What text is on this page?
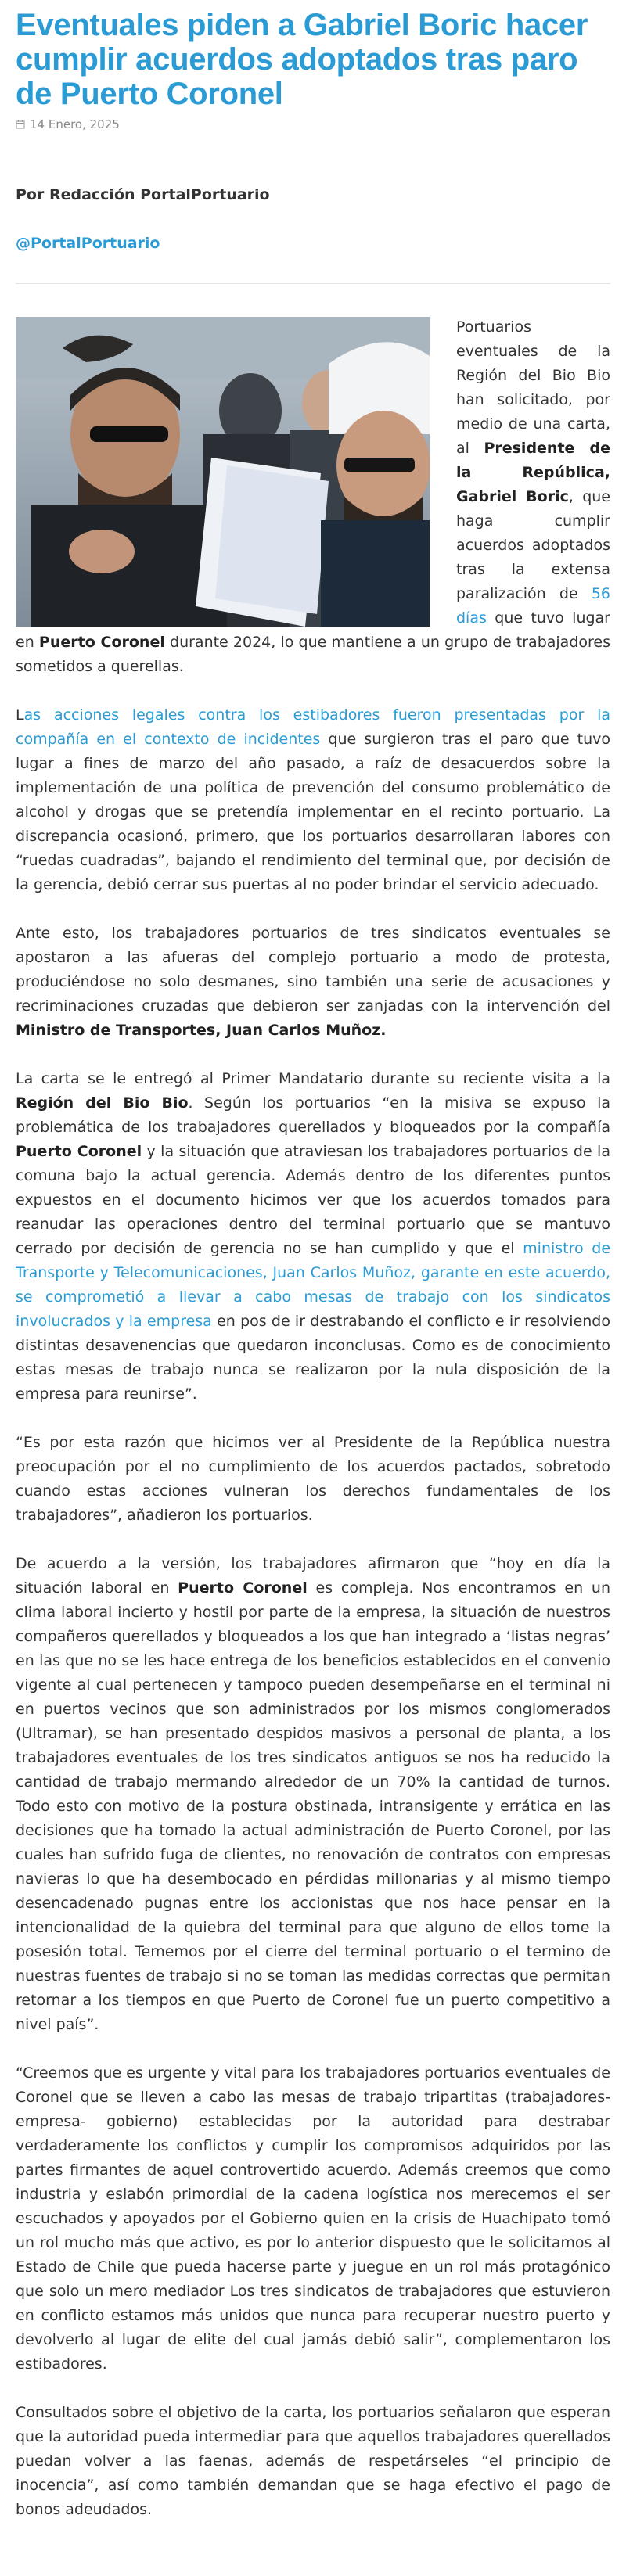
Eventuales piden a Gabriel Boric hacer cumplir acuerdos adoptados tras paro de Puerto Coronel
14 Enero, 2025
Por Redacción PortalPortuario
@PortalPortuario

Portuarios eventuales de la Región del Bio Bio han solicitado, por medio de una carta, al Presidente de la República, Gabriel Boric, que haga cumplir acuerdos adoptados tras la extensa paralización de 56 días que tuvo lugar en Puerto Coronel durante 2024, lo que mantiene a un grupo de trabajadores sometidos a querellas.

Las acciones legales contra los estibadores fueron presentadas por la compañía en el contexto de incidentes que surgieron tras el paro que tuvo lugar a fines de marzo del año pasado, a raíz de desacuerdos sobre la implementación de una política de prevención del consumo problemático de alcohol y drogas que se pretendía implementar en el recinto portuario. La discrepancia ocasionó, primero, que los portuarios desarrollaran labores con “ruedas cuadradas”, bajando el rendimiento del terminal que, por decisión de la gerencia, debió cerrar sus puertas al no poder brindar el servicio adecuado.

Ante esto, los trabajadores portuarios de tres sindicatos eventuales se apostaron a las afueras del complejo portuario a modo de protesta, produciéndose no solo desmanes, sino también una serie de acusaciones y recriminaciones cruzadas que debieron ser zanjadas con la intervención del Ministro de Transportes, Juan Carlos Muñoz.

La carta se le entregó al Primer Mandatario durante su reciente visita a la Región del Bio Bio. Según los portuarios “en la misiva se expuso la problemática de los trabajadores querellados y bloqueados por la compañía Puerto Coronel y la situación que atraviesan los trabajadores portuarios de la comuna bajo la actual gerencia. Además dentro de los diferentes puntos expuestos en el documento hicimos ver que los acuerdos tomados para reanudar las operaciones dentro del terminal portuario que se mantuvo cerrado por decisión de gerencia no se han cumplido y que el ministro de Transporte y Telecomunicaciones, Juan Carlos Muñoz, garante en este acuerdo, se comprometió a llevar a cabo mesas de trabajo con los sindicatos involucrados y la empresa en pos de ir destrabando el conflicto e ir resolviendo distintas desavenencias que quedaron inconclusas. Como es de conocimiento estas mesas de trabajo nunca se realizaron por la nula disposición de la empresa para reunirse”.

“Es por esta razón que hicimos ver al Presidente de la República nuestra preocupación por el no cumplimiento de los acuerdos pactados, sobretodo cuando estas acciones vulneran los derechos fundamentales de los trabajadores”, añadieron los portuarios.

De acuerdo a la versión, los trabajadores afirmaron que “hoy en día la situación laboral en Puerto Coronel es compleja. Nos encontramos en un clima laboral incierto y hostil por parte de la empresa, la situación de nuestros compañeros querellados y bloqueados a los que han integrado a ‘listas negras’ en las que no se les hace entrega de los beneficios establecidos en el convenio vigente al cual pertenecen y tampoco pueden desempeñarse en el terminal ni en puertos vecinos que son administrados por los mismos conglomerados (Ultramar), se han presentado despidos masivos a personal de planta, a los trabajadores eventuales de los tres sindicatos antiguos se nos ha reducido la cantidad de trabajo mermando alrededor de un 70% la cantidad de turnos. Todo esto con motivo de la postura obstinada, intransigente y errática en las decisiones que ha tomado la actual administración de Puerto Coronel, por las cuales han sufrido fuga de clientes, no renovación de contratos con empresas navieras lo que ha desembocado en pérdidas millonarias y al mismo tiempo desencadenado pugnas entre los accionistas que nos hace pensar en la intencionalidad de la quiebra del terminal para que alguno de ellos tome la posesión total. Tememos por el cierre del terminal portuario o el termino de nuestras fuentes de trabajo si no se toman las medidas correctas que permitan retornar a los tiempos en que Puerto de Coronel fue un puerto competitivo a nivel país”.

“Creemos que es urgente y vital para los trabajadores portuarios eventuales de Coronel que se lleven a cabo las mesas de trabajo tripartitas (trabajadores-empresa- gobierno) establecidas por la autoridad para destrabar verdaderamente los conflictos y cumplir los compromisos adquiridos por las partes firmantes de aquel controvertido acuerdo. Además creemos que como industria y eslabón primordial de la cadena logística nos merecemos el ser escuchados y apoyados por el Gobierno quien en la crisis de Huachipato tomó un rol mucho más que activo, es por lo anterior dispuesto que le solicitamos al Estado de Chile que pueda hacerse parte y juegue en un rol más protagónico que solo un mero mediador Los tres sindicatos de trabajadores que estuvieron en conflicto estamos más unidos que nunca para recuperar nuestro puerto y devolverlo al lugar de elite del cual jamás debió salir”, complementaron los estibadores.

Consultados sobre el objetivo de la carta, los portuarios señalaron que esperan que la autoridad pueda intermediar para que aquellos trabajadores querellados puedan volver a las faenas, además de respetárseles “el principio de inocencia”, así como también demandan que se haga efectivo el pago de bonos adeudados.
